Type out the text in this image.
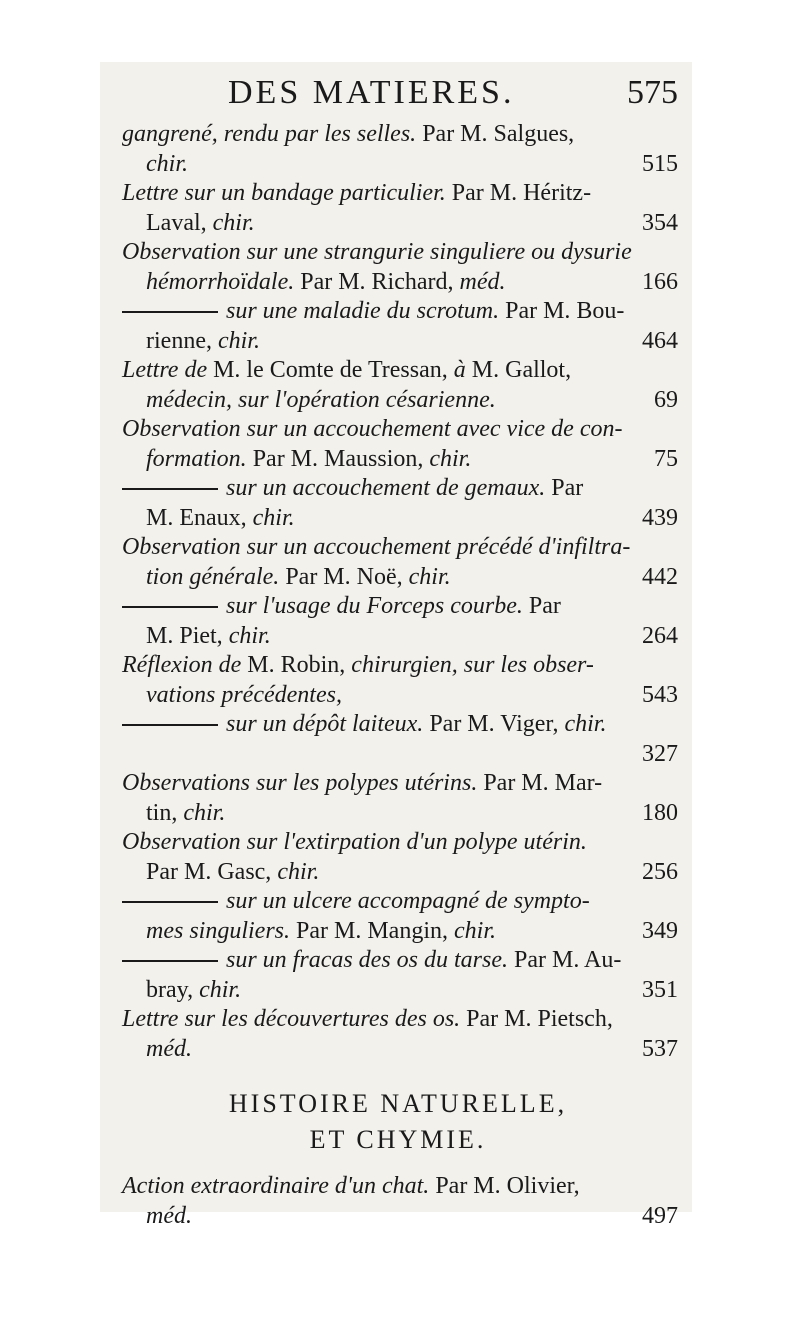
DES MATIERES.	575
gangrené, rendu par les selles. Par M. Salgues,
chir.	515
Lettre sur un bandage particulier. Par M. Héritz-
Laval, chir.	354
Observation sur une strangurie singuliere ou dysurie
hémorrhoïdale. Par M. Richard, méd.	166
sur une maladie du scrotum. Par M. Bou-
rienne, chir.	464
Lettre de M. le Comte de Tressan, à M. Gallot,
médecin, sur l'opération césarienne.	69
Observation sur un accouchement avec vice de con-
formation. Par M. Maussion, chir.	75
sur un accouchement de gemaux. Par
M. Enaux, chir.	439
Observation sur un accouchement précédé d'infiltra-
tion générale. Par M. Noë, chir.	442
sur l'usage du Forceps courbe. Par
M. Piet, chir.	264
Réflexion de M. Robin, chirurgien, sur les obser-
vations précédentes,	543
sur un dépôt laiteux. Par M. Viger, chir.
327
Observations sur les polypes utérins. Par M. Mar-
tin, chir.	180
Observation sur l'extirpation d'un polype utérin.
Par M. Gasc, chir.	256
sur un ulcere accompagné de sympto-
mes singuliers. Par M. Mangin, chir.	349
sur un fracas des os du tarse. Par M. Au-
bray, chir.	351
Lettre sur les découvertures des os. Par M. Pietsch,
méd.	537
HISTOIRE NATURELLE,
ET CHYMIE.
Action extraordinaire d'un chat. Par M. Olivier,
méd.	497
